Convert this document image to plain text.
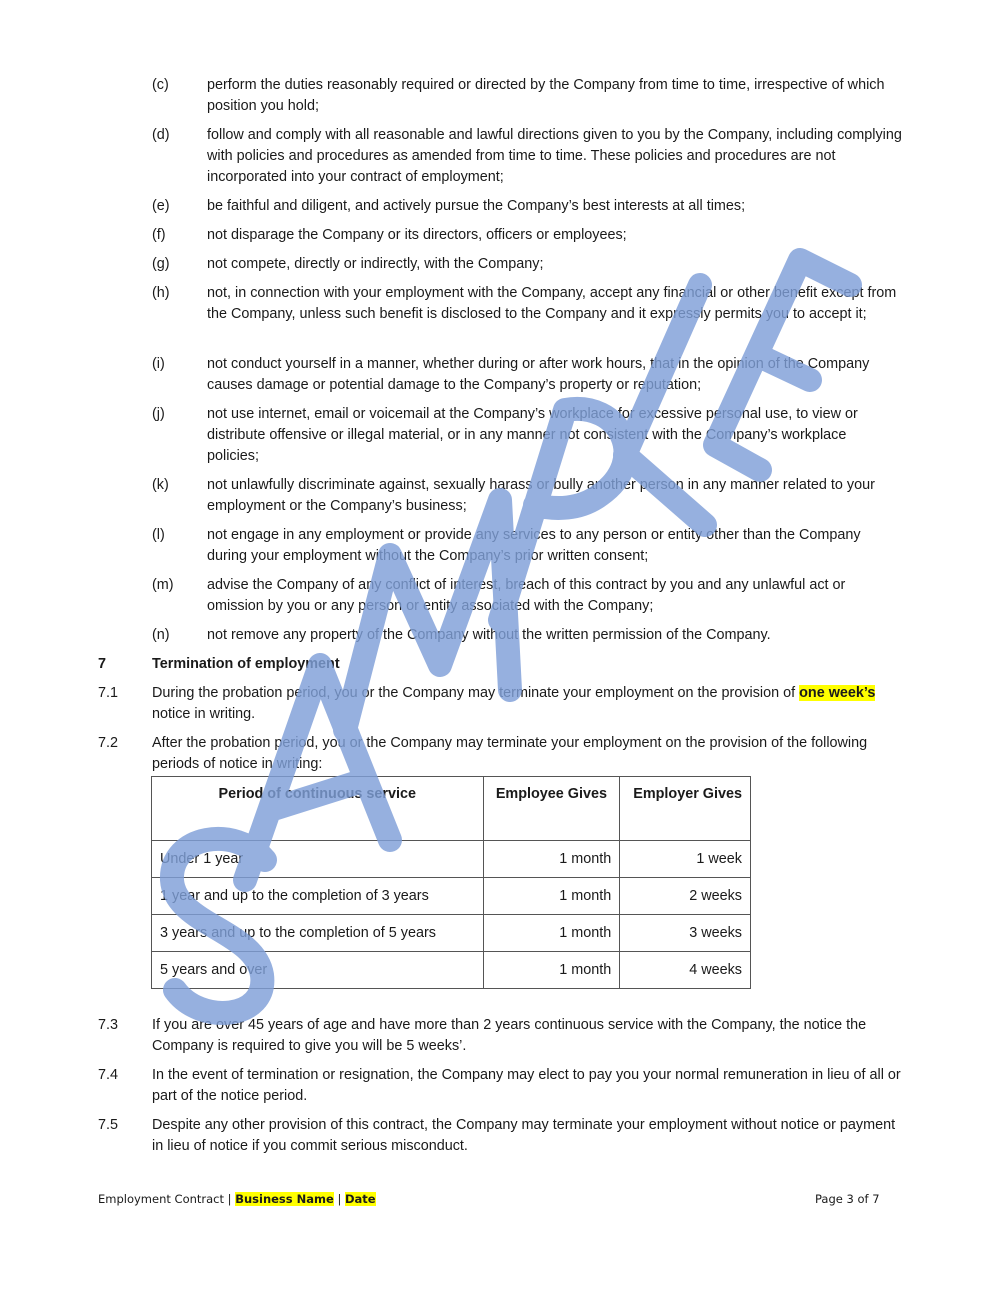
(c)	perform the duties reasonably required or directed by the Company from time to time, irrespective of which position you hold;
(d)	follow and comply with all reasonable and lawful directions given to you by the Company, including complying with policies and procedures as amended from time to time. These policies and procedures are not incorporated into your contract of employment;
(e)	be faithful and diligent, and actively pursue the Company’s best interests at all times;
(f)	not disparage the Company or its directors, officers or employees;
(g)	not compete, directly or indirectly, with the Company;
(h)	not, in connection with your employment with the Company, accept any financial or other benefit except from the Company, unless such benefit is disclosed to the Company and it expressly permits you to accept it;
(i)	not conduct yourself in a manner, whether during or after work hours, that in the opinion of the Company causes damage or potential damage to the Company’s property or reputation;
(j)	not use internet, email or voicemail at the Company’s workplace for excessive personal use, to view or distribute offensive or illegal material, or in any manner not consistent with the Company’s workplace policies;
(k)	not unlawfully discriminate against, sexually harass or bully another person in any manner related to your employment or the Company’s business;
(l)	not engage in any employment or provide any services to any person or entity other than the Company during your employment without the Company’s prior written consent;
(m) advise the Company of any conflict of interest, breach of this contract by you and any unlawful act or omission by you or any person or entity associated with the Company;
(n)	not remove any property of the Company without the written permission of the Company.
7	Termination of employment
7.1 During the probation period, you or the Company may terminate your employment on the provision of one week’s notice in writing.
7.2 After the probation period, you or the Company may terminate your employment on the provision of the following periods of notice in writing:
Period of continuous service	Employee Gives	Employer Gives
Under 1 year	1 month	1 week
1 year and up to the completion of 3 years	1 month	2 weeks
3 years and up to the completion of 5 years	1 month	3 weeks
5 years and over	1 month	4 weeks
7.3 If you are over 45 years of age and have more than 2 years continuous service with the Company, the notice the Company is required to give you will be 5 weeks’.
7.4 In the event of termination or resignation, the Company may elect to pay you your normal remuneration in lieu of all or part of the notice period.
7.5 Despite any other provision of this contract, the Company may terminate your employment without notice or payment in lieu of notice if you commit serious misconduct.
Employment Contract | Business Name | Date	Page 3 of 7
